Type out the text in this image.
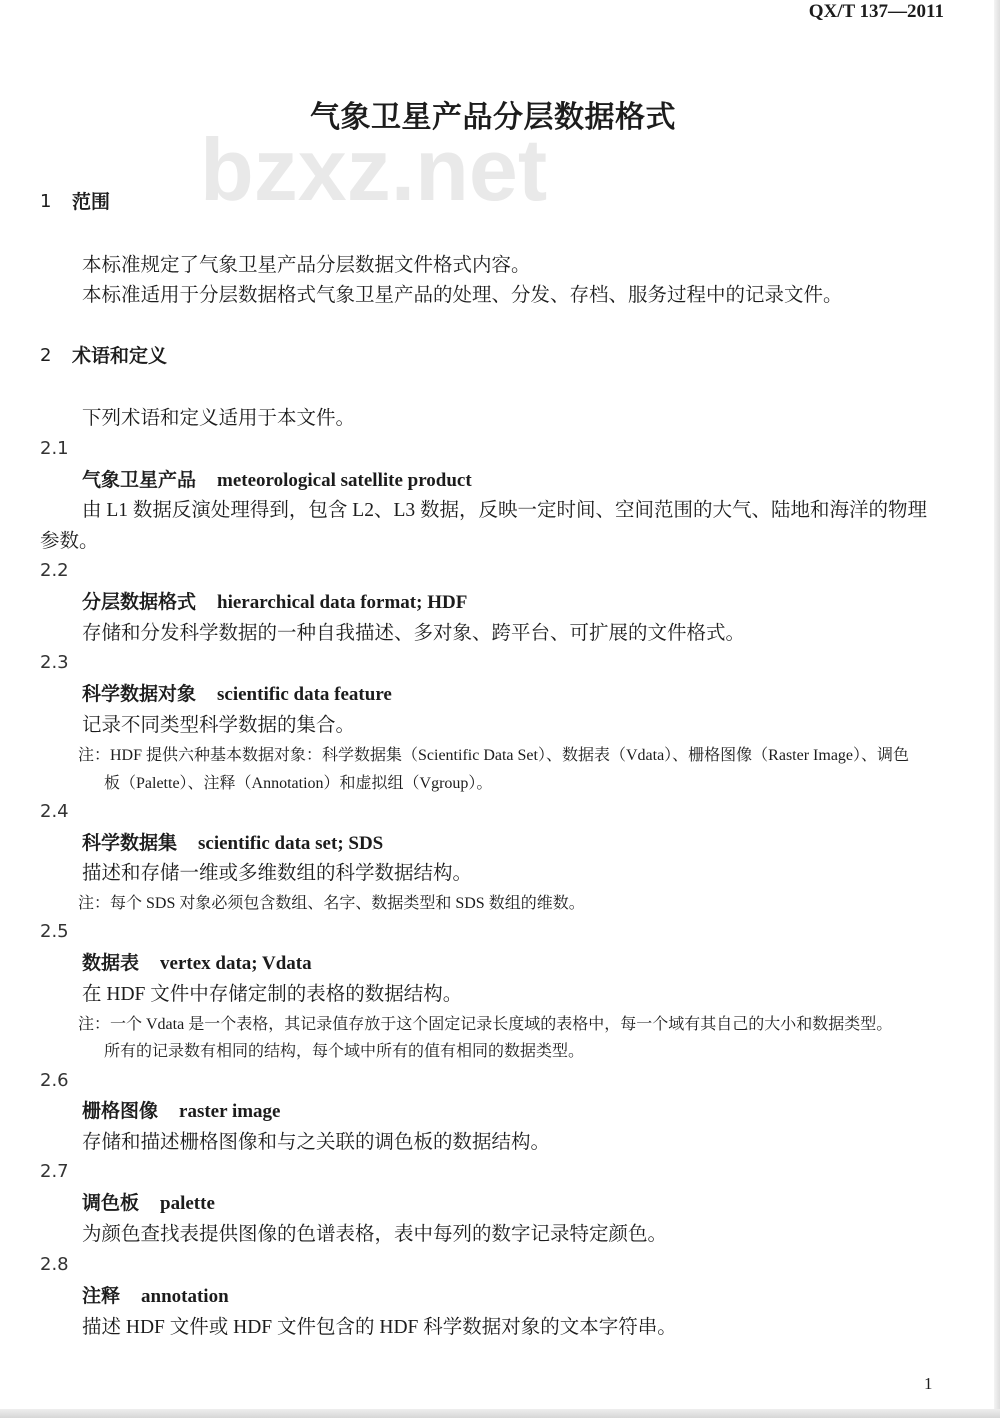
QX/T 137—2011
bzxz.net
气象卫星产品分层数据格式
1 范围
本标准规定了气象卫星产品分层数据文件格式内容。
本标准适用于分层数据格式气象卫星产品的处理、分发、存档、服务过程中的记录文件。
2 术语和定义
下列术语和定义适用于本文件。
2.1
气象卫星产品 meteorological satellite product
由 L1 数据反演处理得到，包含 L2、L3 数据，反映一定时间、空间范围的大气、陆地和海洋的物理
参数。
2.2
分层数据格式 hierarchical data format; HDF
存储和分发科学数据的一种自我描述、多对象、跨平台、可扩展的文件格式。
2.3
科学数据对象 scientific data feature
记录不同类型科学数据的集合。
注：HDF 提供六种基本数据对象：科学数据集（Scientific Data Set）、数据表（Vdata）、栅格图像（Raster Image）、调色
板（Palette）、注释（Annotation）和虚拟组（Vgroup）。
2.4
科学数据集 scientific data set; SDS
描述和存储一维或多维数组的科学数据结构。
注：每个 SDS 对象必须包含数组、名字、数据类型和 SDS 数组的维数。
2.5
数据表 vertex data; Vdata
在 HDF 文件中存储定制的表格的数据结构。
注：一个 Vdata 是一个表格，其记录值存放于这个固定记录长度域的表格中，每一个域有其自己的大小和数据类型。
所有的记录数有相同的结构，每个域中所有的值有相同的数据类型。
2.6
栅格图像 raster image
存储和描述栅格图像和与之关联的调色板的数据结构。
2.7
调色板 palette
为颜色查找表提供图像的色谱表格，表中每列的数字记录特定颜色。
2.8
注释 annotation
描述 HDF 文件或 HDF 文件包含的 HDF 科学数据对象的文本字符串。
1
